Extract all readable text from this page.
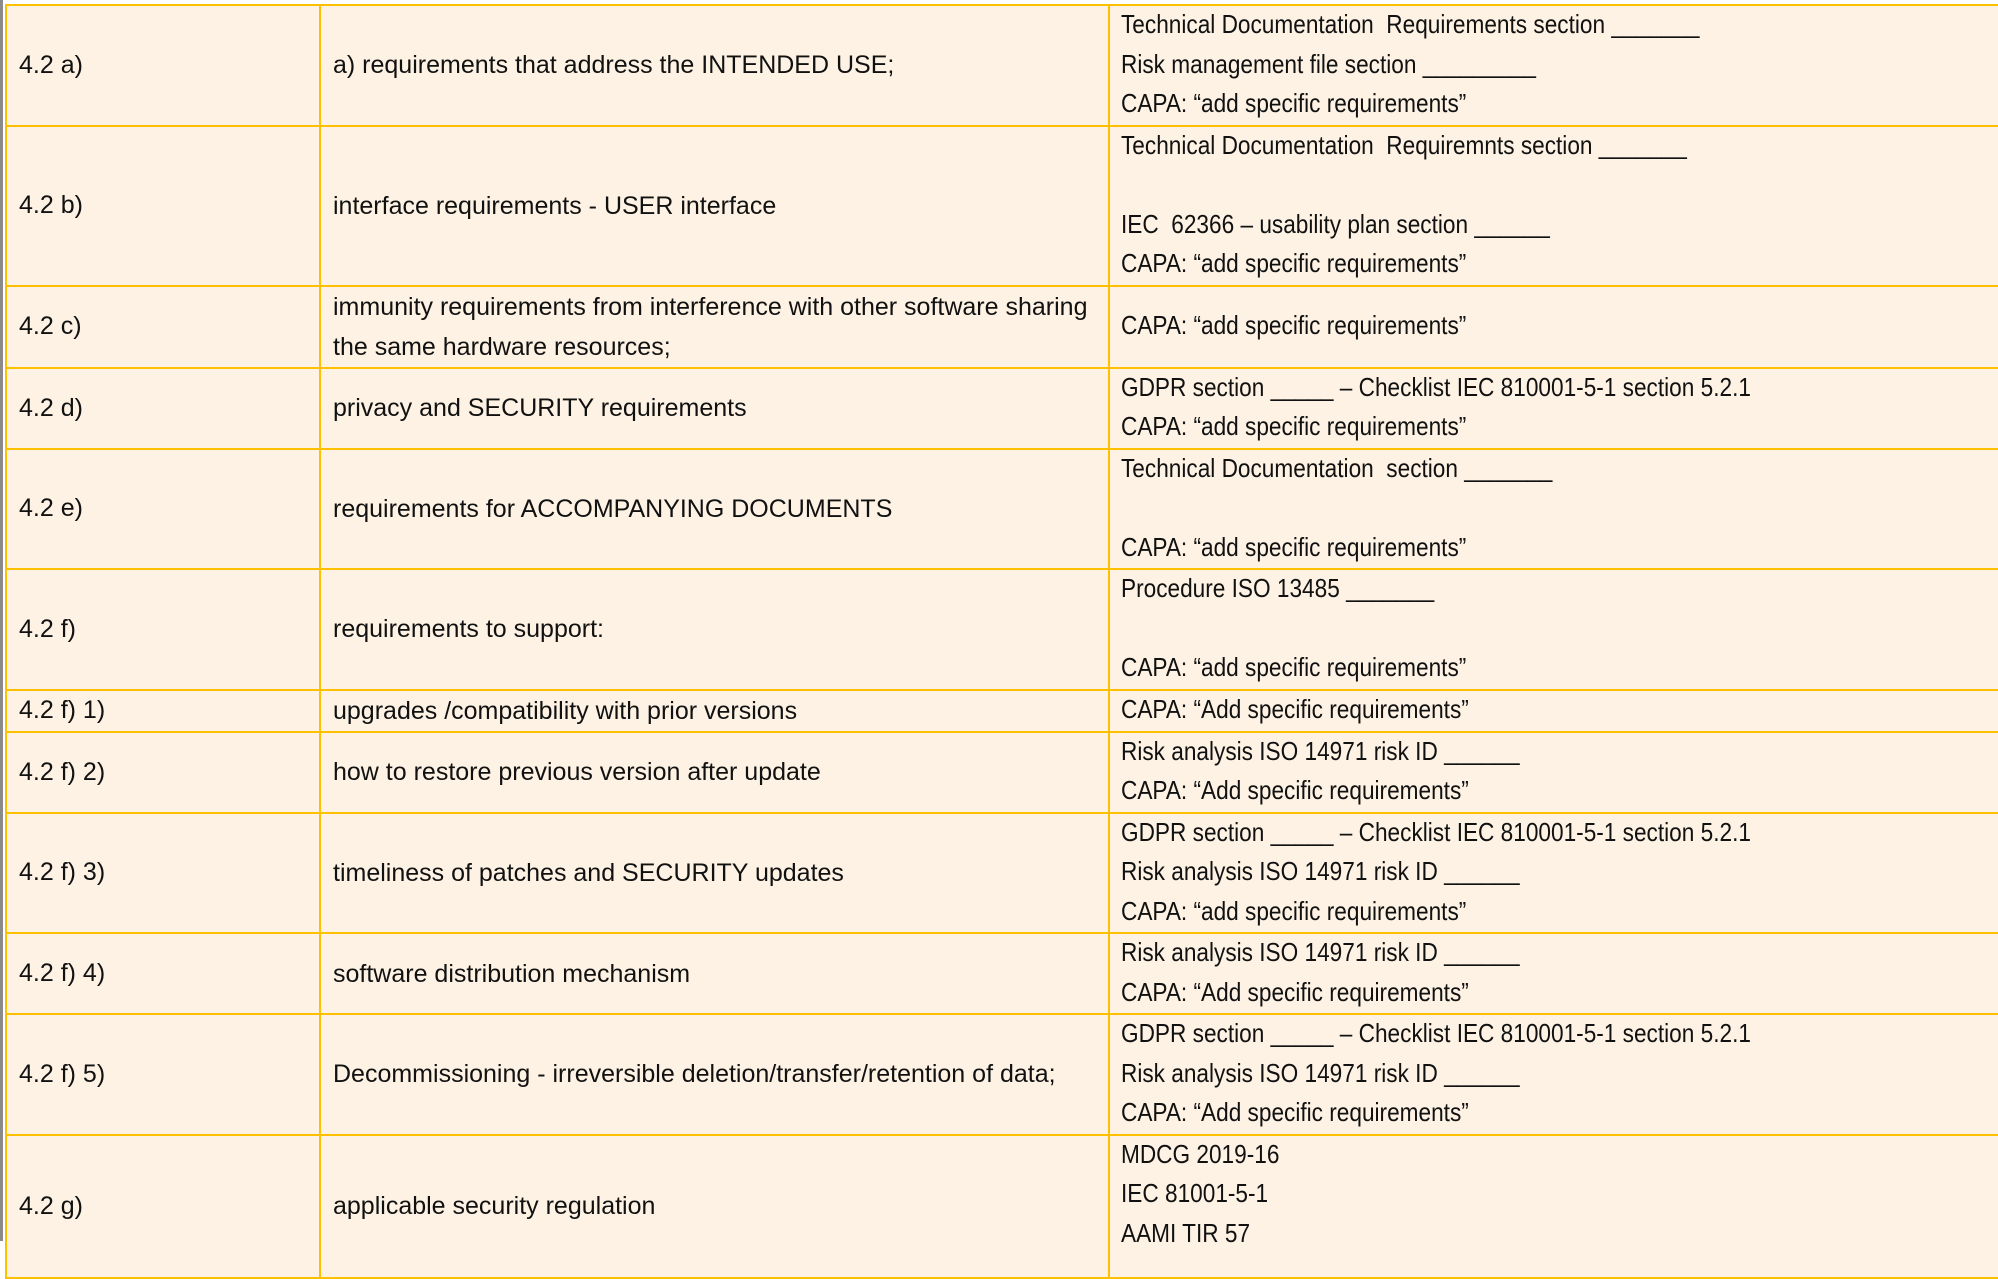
4.2 a)	a) requirements that address the INTENDED USE;	Technical Documentation  Requirements section _______
Risk management file section _________
CAPA: “add specific requirements”

4.2 b)	interface requirements - USER interface	Technical Documentation  Requiremnts section _______
IEC  62366 – usability plan section ______
CAPA: “add specific requirements”

4.2 c)	immunity requirements from interference with other software sharing the same hardware resources;	CAPA: “add specific requirements”

4.2 d)	privacy and SECURITY requirements	GDPR section _____ – Checklist IEC 810001-5-1 section 5.2.1
CAPA: “add specific requirements”

4.2 e)	requirements for ACCOMPANYING DOCUMENTS	Technical Documentation  section _______
CAPA: “add specific requirements”

4.2 f)	requirements to support:	Procedure ISO 13485 _______
CAPA: “add specific requirements”

4.2 f) 1)	upgrades /compatibility with prior versions	CAPA: “Add specific requirements”

4.2 f) 2)	how to restore previous version after update	Risk analysis ISO 14971 risk ID ______
CAPA: “Add specific requirements”

4.2 f) 3)	timeliness of patches and SECURITY updates	GDPR section _____ – Checklist IEC 810001-5-1 section 5.2.1
Risk analysis ISO 14971 risk ID ______
CAPA: “add specific requirements”

4.2 f) 4)	software distribution mechanism	Risk analysis ISO 14971 risk ID ______
CAPA: “Add specific requirements”

4.2 f) 5)	Decommissioning - irreversible deletion/transfer/retention of data;	GDPR section _____ – Checklist IEC 810001-5-1 section 5.2.1
Risk analysis ISO 14971 risk ID ______
CAPA: “Add specific requirements”

4.2 g)	applicable security regulation	MDCG 2019-16
IEC 81001-5-1
AAMI TIR 57
